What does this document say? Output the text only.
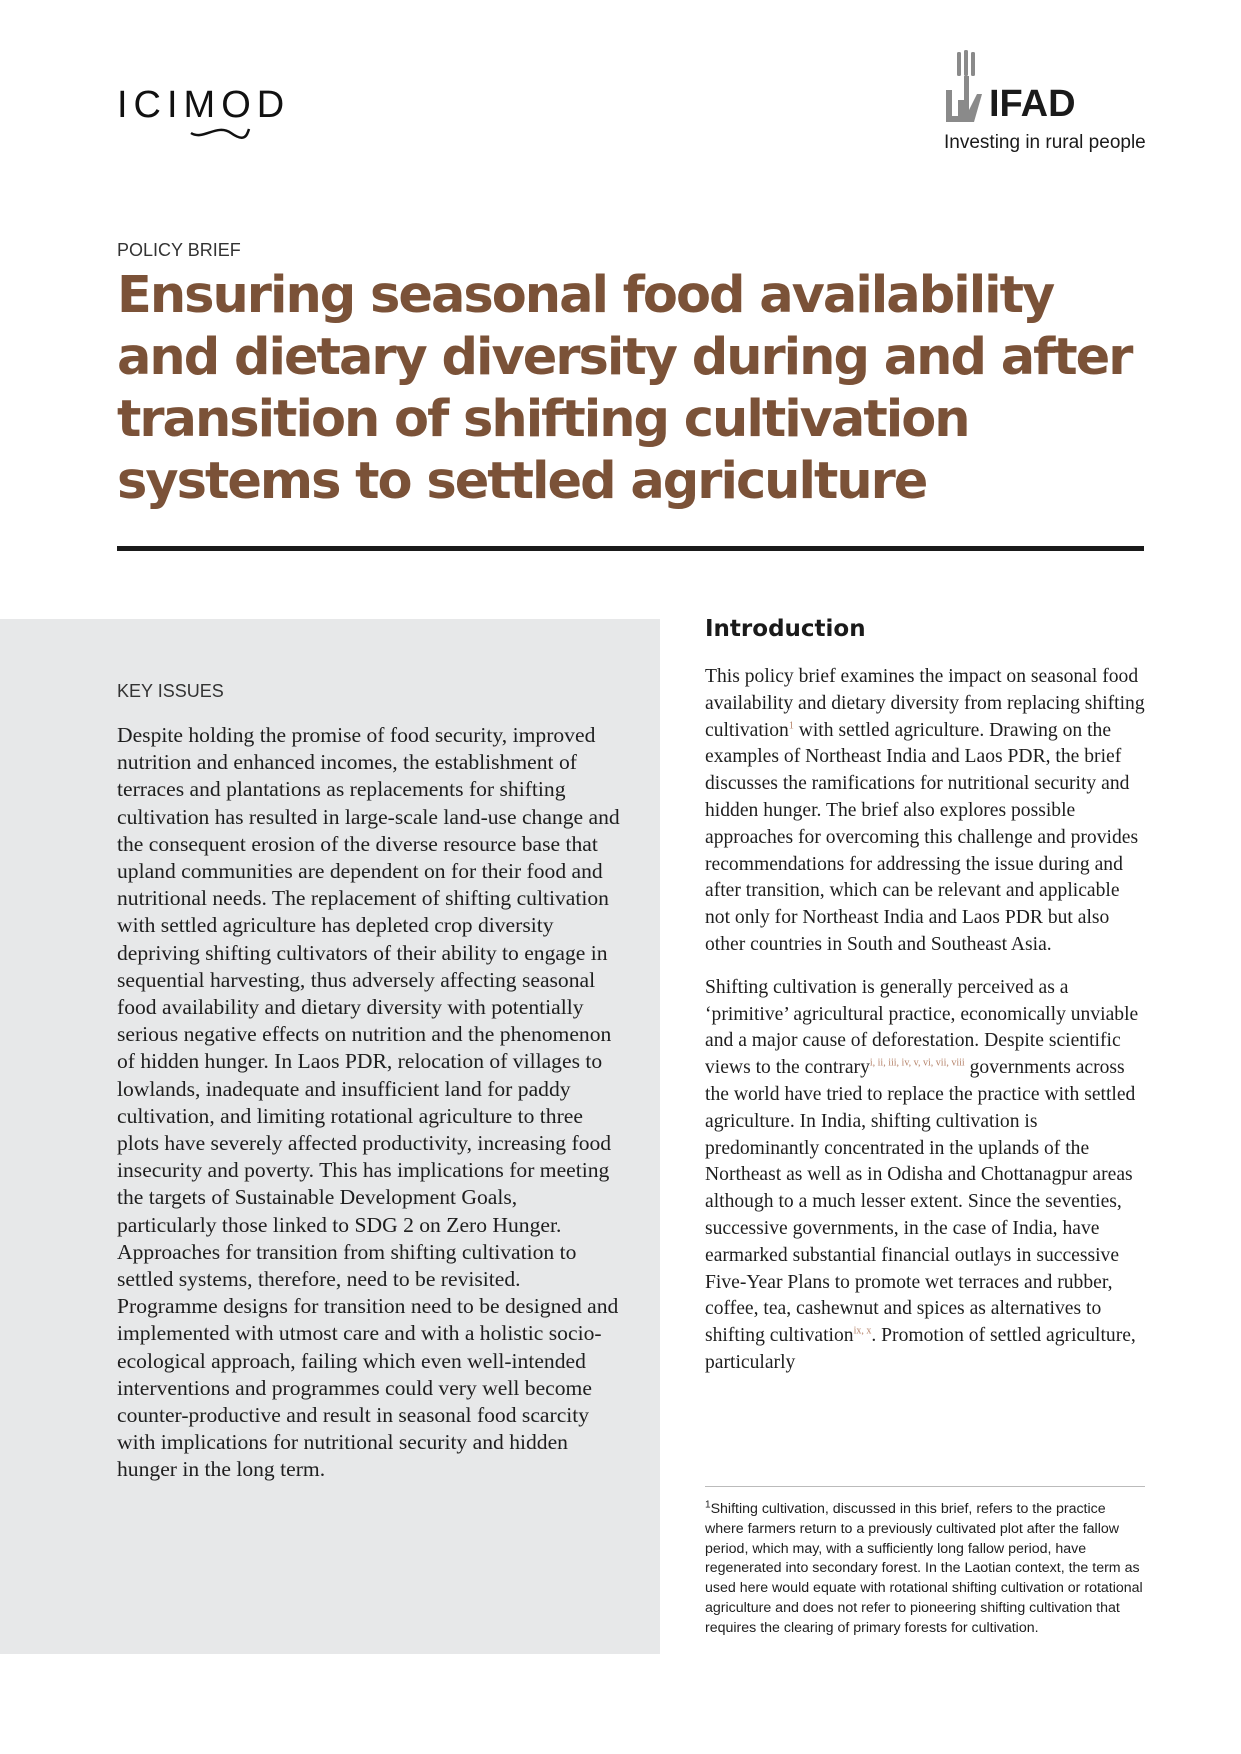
ICIMOD	IFAD
Investing in rural people
POLICY BRIEF
Ensuring seasonal food availability and dietary diversity during and after transition of shifting cultivation systems to settled agriculture
KEY ISSUES

Despite holding the promise of food security, improved nutrition and enhanced incomes, the establishment of terraces and plantations as replacements for shifting cultivation has resulted in large-scale land-use change and the consequent erosion of the diverse resource base that upland communities are dependent on for their food and nutritional needs. The replacement of shifting cultivation with settled agriculture has depleted crop diversity depriving shifting cultivators of their ability to engage in sequential harvesting, thus adversely affecting seasonal food availability and dietary diversity with potentially serious negative effects on nutrition and the phenomenon of hidden hunger. In Laos PDR, relocation of villages to lowlands, inadequate and insufficient land for paddy cultivation, and limiting rotational agriculture to three plots have severely affected productivity, increasing food insecurity and poverty. This has implications for meeting the targets of Sustainable Development Goals, particularly those linked to SDG 2 on Zero Hunger. Approaches for transition from shifting cultivation to settled systems, therefore, need to be revisited. Programme designs for transition need to be designed and implemented with utmost care and with a holistic socio-ecological approach, failing which even well-intended interventions and programmes could very well become counter-productive and result in seasonal food scarcity with implications for nutritional security and hidden hunger in the long term.

Introduction

This policy brief examines the impact on seasonal food availability and dietary diversity from replacing shifting cultivation$^1$ with settled agriculture. Drawing on the examples of Northeast India and Laos PDR, the brief discusses the ramifications for nutritional security and hidden hunger. The brief also explores possible approaches for overcoming this challenge and provides recommendations for addressing the issue during and after transition, which can be relevant and applicable not only for Northeast India and Laos PDR but also other countries in South and Southeast Asia.

Shifting cultivation is generally perceived as a ‘primitive’ agricultural practice, economically unviable and a major cause of deforestation. Despite scientific views to the contrary$^{i, ii, iii, iv, v, vi, vii, viii}$ governments across the world have tried to replace the practice with settled agriculture. In India, shifting cultivation is predominantly concentrated in the uplands of the Northeast as well as in Odisha and Chottanagpur areas although to a much lesser extent. Since the seventies, successive governments, in the case of India, have earmarked substantial financial outlays in successive Five-Year Plans to promote wet terraces and rubber, coffee, tea, cashewnut and spices as alternatives to shifting cultivation$^{ix, x}$. Promotion of settled agriculture, particularly

$^1$Shifting cultivation, discussed in this brief, refers to the practice where farmers return to a previously cultivated plot after the fallow period, which may, with a sufficiently long fallow period, have regenerated into secondary forest. In the Laotian context, the term as used here would equate with rotational shifting cultivation or rotational agriculture and does not refer to pioneering shifting cultivation that requires the clearing of primary forests for cultivation.
